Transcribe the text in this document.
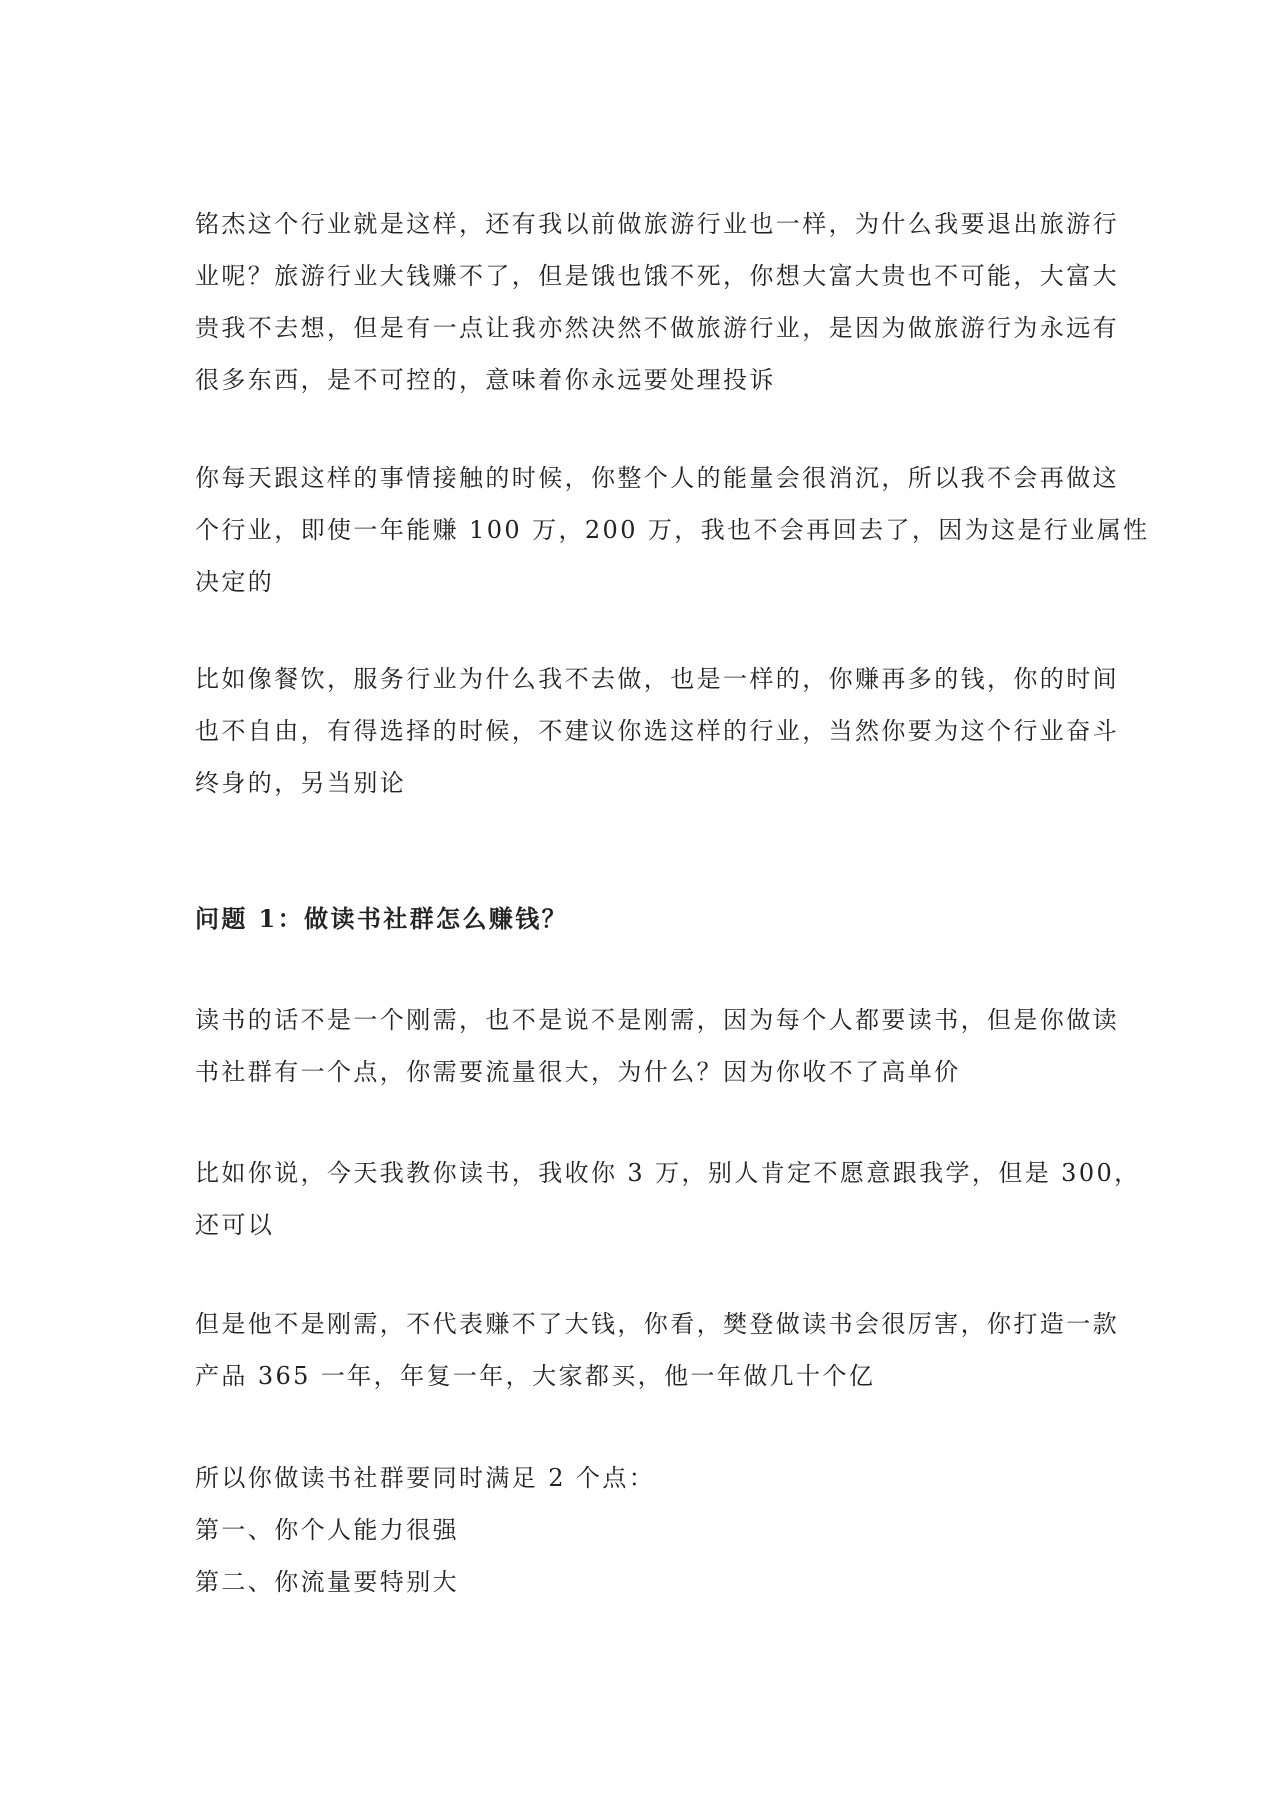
铭杰这个行业就是这样，还有我以前做旅游行业也一样，为什么我要退出旅游行
业呢？旅游行业大钱赚不了，但是饿也饿不死，你想大富大贵也不可能，大富大
贵我不去想，但是有一点让我亦然决然不做旅游行业，是因为做旅游行为永远有
很多东西，是不可控的，意味着你永远要处理投诉
你每天跟这样的事情接触的时候，你整个人的能量会很消沉，所以我不会再做这
个行业，即使一年能赚 100 万，200 万，我也不会再回去了，因为这是行业属性
决定的
比如像餐饮，服务行业为什么我不去做，也是一样的，你赚再多的钱，你的时间
也不自由，有得选择的时候，不建议你选这样的行业，当然你要为这个行业奋斗
终身的，另当别论
问题 1：做读书社群怎么赚钱？
读书的话不是一个刚需，也不是说不是刚需，因为每个人都要读书，但是你做读
书社群有一个点，你需要流量很大，为什么？因为你收不了高单价
比如你说，今天我教你读书，我收你 3 万，别人肯定不愿意跟我学，但是 300，
还可以
但是他不是刚需，不代表赚不了大钱，你看，樊登做读书会很厉害，你打造一款
产品 365 一年，年复一年，大家都买，他一年做几十个亿
所以你做读书社群要同时满足 2 个点：
第一、你个人能力很强
第二、你流量要特别大
